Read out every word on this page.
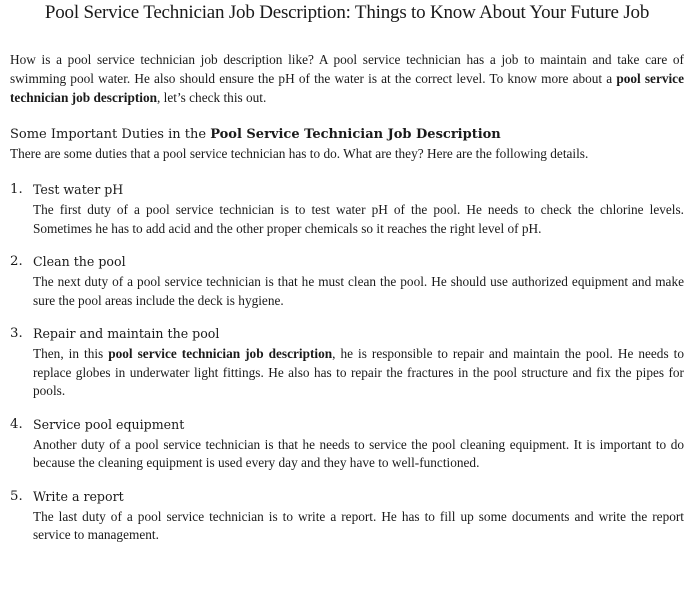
Pool Service Technician Job Description: Things to Know About Your Future Job

How is a pool service technician job description like? A pool service technician has a job to maintain and take care of swimming pool water. He also should ensure the pH of the water is at the correct level. To know more about a pool service technician job description, let’s check this out.

Some Important Duties in the Pool Service Technician Job Description

There are some duties that a pool service technician has to do. What are they? Here are the following details.

1. Test water pH

The first duty of a pool service technician is to test water pH of the pool. He needs to check the chlorine levels. Sometimes he has to add acid and the other proper chemicals so it reaches the right level of pH.

2. Clean the pool

The next duty of a pool service technician is that he must clean the pool. He should use authorized equipment and make sure the pool areas include the deck is hygiene.

3. Repair and maintain the pool

Then, in this pool service technician job description, he is responsible to repair and maintain the pool. He needs to replace globes in underwater light fittings. He also has to repair the fractures in the pool structure and fix the pipes for pools.

4. Service pool equipment

Another duty of a pool service technician is that he needs to service the pool cleaning equipment. It is important to do because the cleaning equipment is used every day and they have to well-functioned.

5. Write a report

The last duty of a pool service technician is to write a report. He has to fill up some documents and write the report service to management.
